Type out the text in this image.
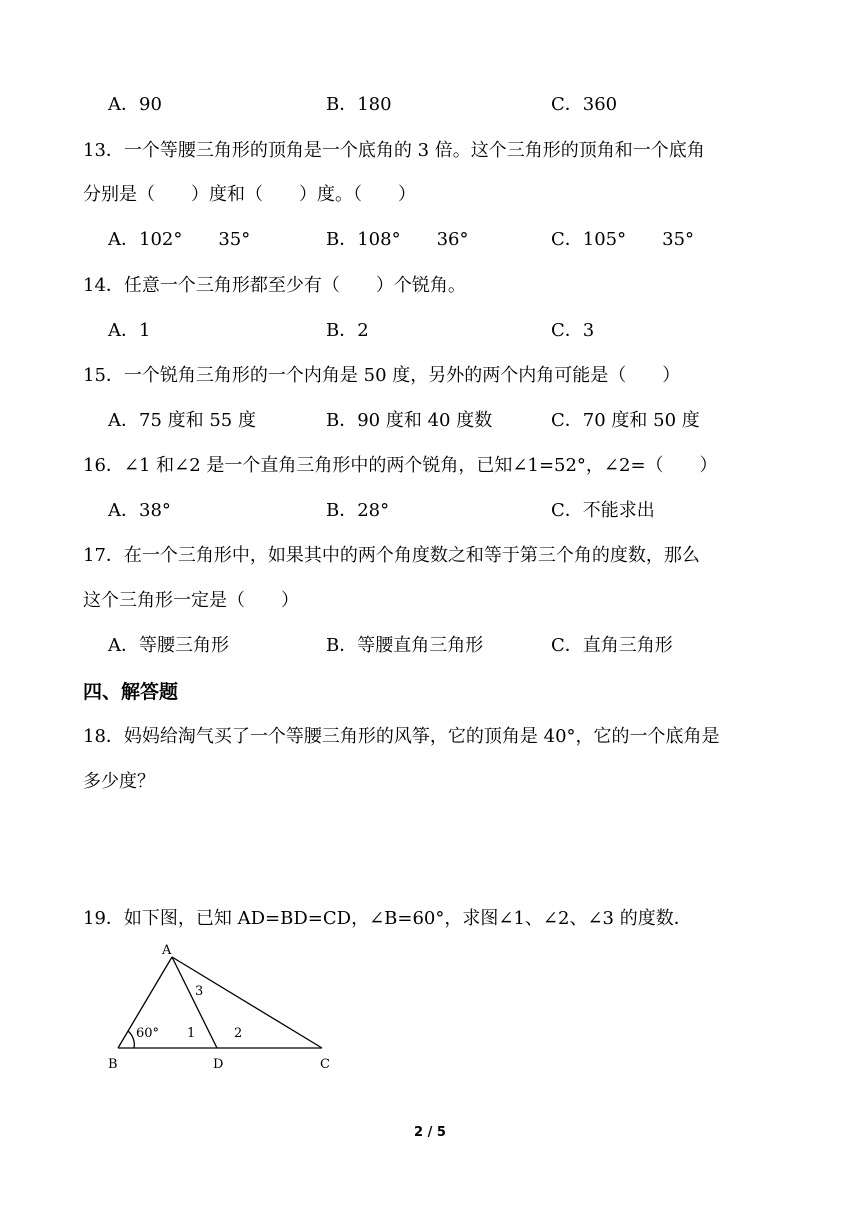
A．90	B．180	C．360
13．一个等腰三角形的顶角是一个底角的 3 倍。这个三角形的顶角和一个底角
分别是（　　）度和（　　）度。（　　）
A．102°　　35°	B．108°　　36°	C．105°　　35°
14．任意一个三角形都至少有（　　）个锐角。
A．1	B．2	C．3
15．一个锐角三角形的一个内角是 50 度，另外的两个内角可能是（　　）
A．75 度和 55 度	B．90 度和 40 度数	C．70 度和 50 度
16．∠1 和∠2 是一个直角三角形中的两个锐角，已知∠1=52°，∠2=（　　）
A．38°	B．28°	C．不能求出
17．在一个三角形中，如果其中的两个角度数之和等于第三个角的度数，那么
这个三角形一定是（　　）
A．等腰三角形	B．等腰直角三角形	C．直角三角形
四、解答题
18．妈妈给淘气买了一个等腰三角形的风筝，它的顶角是 40°，它的一个底角是
多少度？
19．如下图，已知 AD=BD=CD，∠B=60°，求图∠1、∠2、∠3 的度数．
A
B	D	C
60° 1	2
3
2 / 5
